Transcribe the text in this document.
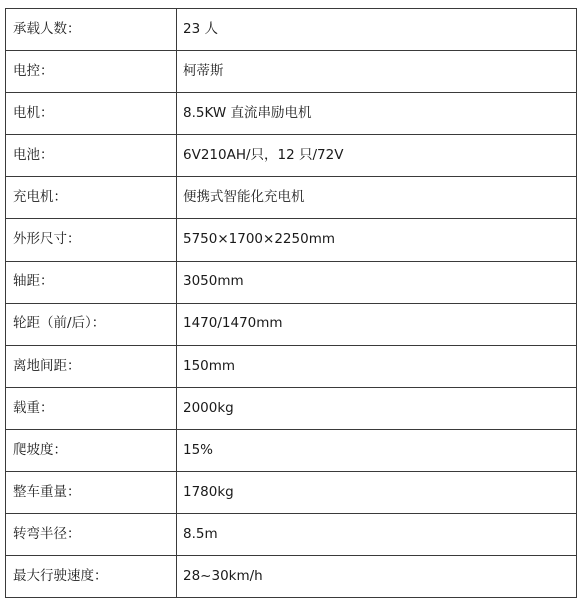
承载人数：	23 人
电控：	柯蒂斯
电机：	8.5KW 直流串励电机
电池：	6V210AH/只，12 只/72V
充电机：	便携式智能化充电机
外形尺寸：	5750×1700×2250mm
轴距：	3050mm
轮距（前/后）：	1470/1470mm
离地间距：	150mm
载重：	2000kg
爬坡度：	15%
整车重量：	1780kg
转弯半径：	8.5m
最大行驶速度：	28~30km/h
